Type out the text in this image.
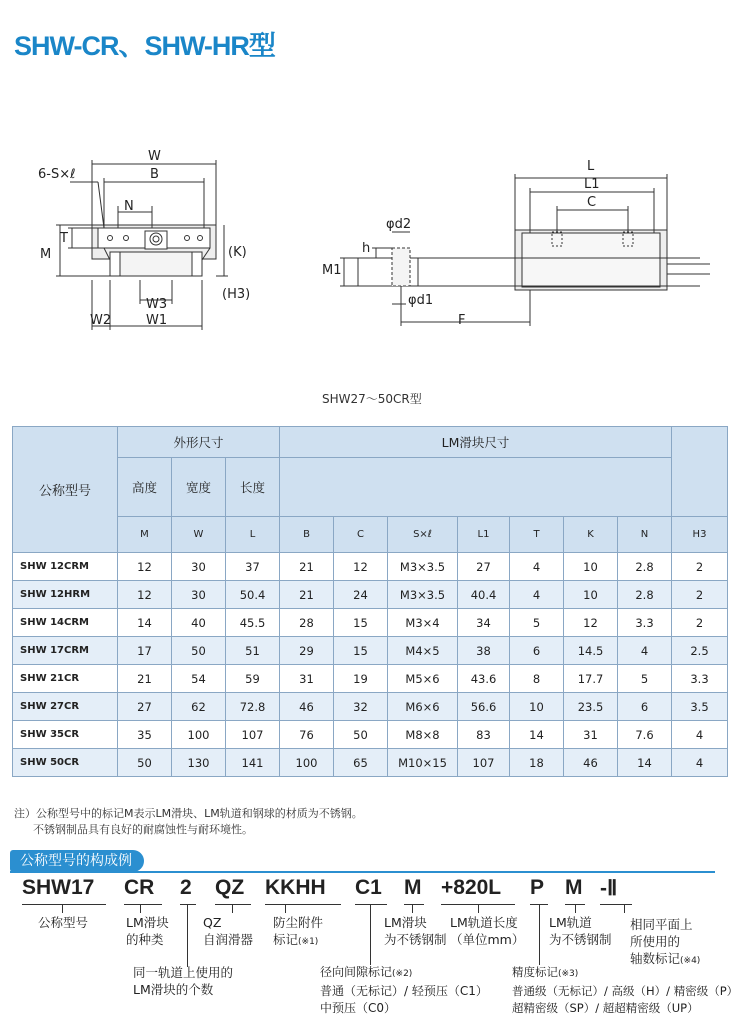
SHW-CR、SHW-HR型
6-S×ℓ
W
B
N
T
M	(K)
(H3)
W3
W2	W1
L
L1
C
φd2
h
M1
φd1
F
SHW27～50CR型
公称型号	外形尺寸			LM滑块尺寸							
	高度	宽度	长度								
	M	W	L	B	C	S×ℓ	L1	T	K	N	H3
SHW 12CRM	12	30	37	21	12	M3×3.5	27	4	10	2.8	2
SHW 12HRM	12	30	50.4	21	24	M3×3.5	40.4	4	10	2.8	2
SHW 14CRM	14	40	45.5	28	15	M3×4	34	5	12	3.3	2
SHW 17CRM	17	50	51	29	15	M4×5	38	6	14.5	4	2.5
SHW 21CR	21	54	59	31	19	M5×6	43.6	8	17.7	5	3.3
SHW 27CR	27	62	72.8	46	32	M6×6	56.6	10	23.5	6	3.5
SHW 35CR	35	100	107	76	50	M8×8	83	14	31	7.6	4
SHW 50CR	50	130	141	100	65	M10×15	107	18	46	14	4
注）公称型号中的标记M表示LM滑块、LM轨道和钢球的材质为不锈钢。
不锈钢制品具有良好的耐腐蚀性与耐环境性。
公称型号的构成例
SHW17 CR 2 QZ KKHH C1 M +820L P M -Ⅱ
公称型号	LM滑块
的种类
QZ
自润滑器
防尘附件
标记(※1)
LM滑块
为不锈钢制
LM轨道长度
（单位mm）
LM轨道
为不锈钢制
相同平面上
所使用的
轴数标记(※4)
同一轨道上使用的
LM滑块的个数
径向间隙标记(※2)
普通（无标记）/ 轻预压（C1）
中预压（C0）
精度标记(※3)
普通级（无标记）/ 高级（H）/ 精密级（P）
超精密级（SP）/ 超超精密级（UP）
